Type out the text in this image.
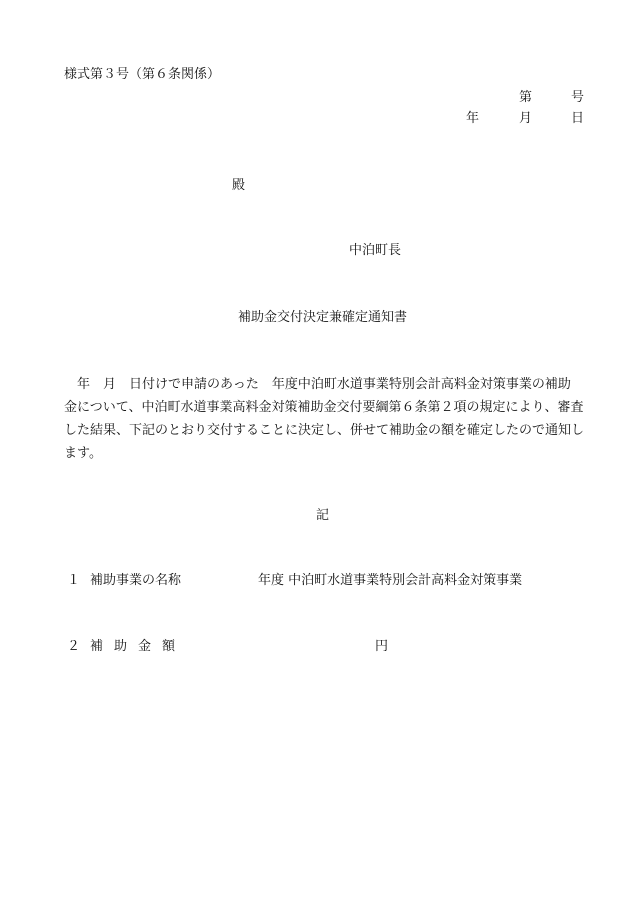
様式第３号（第６条関係）
第	号
年	月	日
殿
中泊町長
補助金交付決定兼確定通知書
　年　月　日付けで申請のあった　年度中泊町水道事業特別会計高料金対策事業の補助
金について、中泊町水道事業高料金対策補助金交付要綱第６条第２項の規定により、審査
した結果、下記のとおり交付することに決定し、併せて補助金の額を確定したので通知し
ます。
記
１ 補助事業の名称	年度 中泊町水道事業特別会計高料金対策事業
２ 補助金額	円
